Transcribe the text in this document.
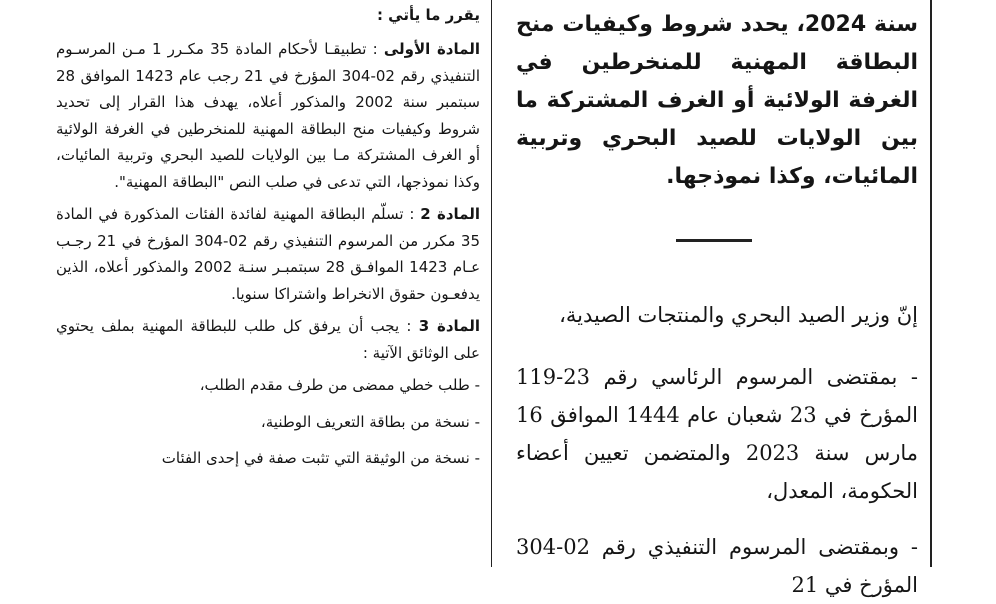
يقرر ما يأتي :

المادة الأولى : تطبيقـا لأحكام المادة 35 مكـرر 1 مـن المرسـوم التنفيذي رقم 02-304 المؤرخ في 21 رجب عام 1423 الموافق 28 سبتمبر سنة 2002 والمذكور أعلاه، يهدف هذا القرار إلى تحديد شروط وكيفيات منح البطاقة المهنية للمنخرطين في الغرفة الولائية أو الغرف المشتركة مـا بين الولايات للصيد البحري وتربية المائيات، وكذا نموذجها، التي تدعى في صلب النص "البطاقة المهنية".

المادة 2 : تسلّم البطاقة المهنية لفائدة الفئات المذكورة في المادة 35 مكرر من المرسوم التنفيذي رقم 02-304 المؤرخ في 21 رجـب عـام 1423 الموافـق 28 سبتمبـر سنـة 2002 والمذكور أعلاه، الذين يدفعـون حقوق الانخراط واشتراكا سنويا.

المادة 3 : يجب أن يرفق كل طلب للبطاقة المهنية بملف يحتوي على الوثائق الآتية :

- طلب خطي ممضى من طرف مقدم الطلب،

- نسخة من بطاقة التعريف الوطنية،

- نسخة من الوثيقة التي تثبت صفة في إحدى الفئات

سنة 2024، يحدد شروط وكيفيات منح البطاقة المهنية للمنخرطين في الغرفة الولائية أو الغرف المشتركة ما بين الولايات للصيد البحري وتربية المائيات، وكذا نموذجها.

إنّ وزير الصيد البحري والمنتجات الصيدية،

- بمقتضى المرسوم الرئاسي رقم 23-119 المؤرخ في 23 شعبان عام 1444 الموافق 16 مارس سنة 2023 والمتضمن تعيين أعضاء الحكومة، المعدل،

- وبمقتضى المرسوم التنفيذي رقم 02-304 المؤرخ في 21
